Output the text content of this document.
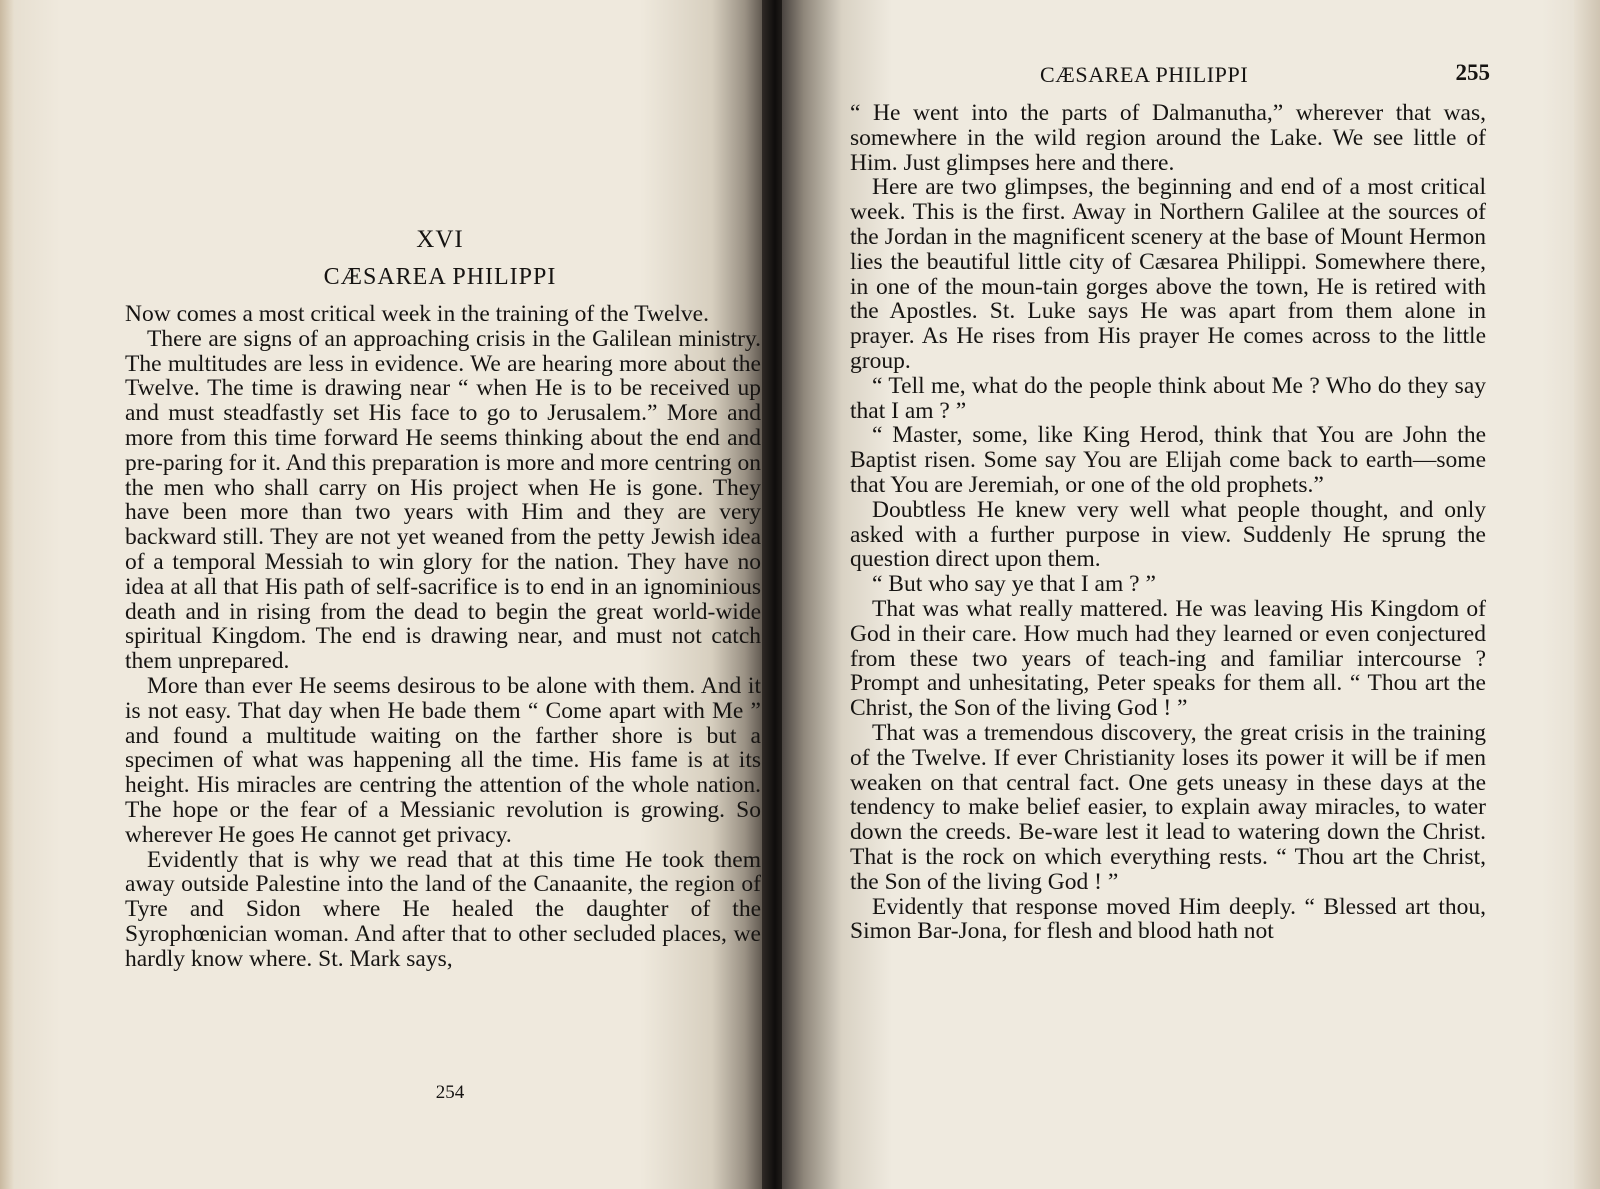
XVI
CÆSAREA PHILIPPI

Now comes a most critical week in the training of the Twelve.

There are signs of an approaching crisis in the Galilean ministry. The multitudes are less in evidence. We are hearing more about the Twelve. The time is drawing near “ when He is to be received up and must steadfastly set His face to go to Jerusalem.” More and more from this time forward He seems thinking about the end and pre-paring for it. And this preparation is more and more centring on the men who shall carry on His project when He is gone. They have been more than two years with Him and they are very backward still. They are not yet weaned from the petty Jewish idea of a temporal Messiah to win glory for the nation. They have no idea at all that His path of self-sacrifice is to end in an ignominious death and in rising from the dead to begin the great world-wide spiritual Kingdom. The end is drawing near, and must not catch them unprepared.

More than ever He seems desirous to be alone with them. And it is not easy. That day when He bade them “ Come apart with Me ” and found a multitude waiting on the farther shore is but a specimen of what was happening all the time. His fame is at its height. His miracles are centring the attention of the whole nation. The hope or the fear of a Messianic revolution is growing. So wherever He goes He cannot get privacy.

Evidently that is why we read that at this time He took them away outside Palestine into the land of the Canaanite, the region of Tyre and Sidon where He healed the daughter of the Syrophœnician woman. And after that to other secluded places, we hardly know where. St. Mark says,

254
CÆSAREA PHILIPPI	255

“ He went into the parts of Dalmanutha,” wherever that was, somewhere in the wild region around the Lake. We see little of Him. Just glimpses here and there.

Here are two glimpses, the beginning and end of a most critical week. This is the first. Away in Northern Galilee at the sources of the Jordan in the magnificent scenery at the base of Mount Hermon lies the beautiful little city of Cæsarea Philippi. Somewhere there, in one of the moun-tain gorges above the town, He is retired with the Apostles. St. Luke says He was apart from them alone in prayer. As He rises from His prayer He comes across to the little group.

“ Tell me, what do the people think about Me ? Who do they say that I am ? ”

“ Master, some, like King Herod, think that You are John the Baptist risen. Some say You are Elijah come back to earth—some that You are Jeremiah, or one of the old prophets.”

Doubtless He knew very well what people thought, and only asked with a further purpose in view. Suddenly He sprung the question direct upon them.

“ But who say ye that I am ? ”

That was what really mattered. He was leaving His Kingdom of God in their care. How much had they learned or even conjectured from these two years of teach-ing and familiar intercourse ? Prompt and unhesitating, Peter speaks for them all. “ Thou art the Christ, the Son of the living God ! ”

That was a tremendous discovery, the great crisis in the training of the Twelve. If ever Christianity loses its power it will be if men weaken on that central fact. One gets uneasy in these days at the tendency to make belief easier, to explain away miracles, to water down the creeds. Be-ware lest it lead to watering down the Christ. That is the rock on which everything rests. “ Thou art the Christ, the Son of the living God ! ”

Evidently that response moved Him deeply. “ Blessed art thou, Simon Bar-Jona, for flesh and blood hath not
